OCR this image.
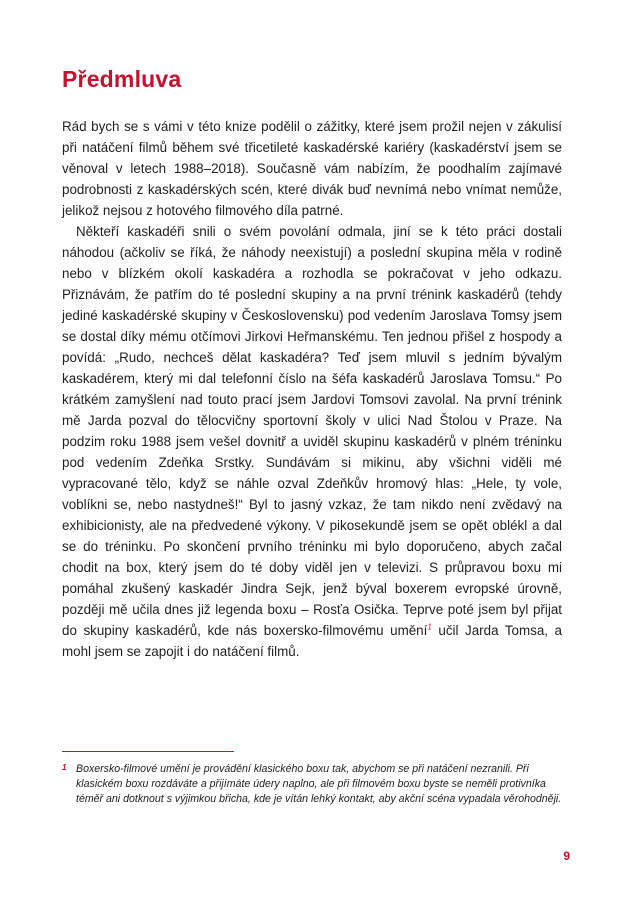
Předmluva

Rád bych se s vámi v této knize podělil o zážitky, které jsem prožil nejen v zákulisí při natáčení filmů během své třicetileté kaskadérské kariéry (kaskadérství jsem se věnoval v letech 1988–2018). Současně vám nabízím, že poodhalím zajímavé podrobnosti z kaskadérských scén, které divák buď nevnímá nebo vnímat nemůže, jelikož nejsou z hotového filmového díla patrné.

Někteří kaskadéři snili o svém povolání odmala, jiní se k této práci dostali náhodou (ačkoliv se říká, že náhody neexistují) a poslední skupina měla v rodině nebo v blízkém okolí kaskadéra a rozhodla se pokračovat v jeho odkazu. Přiznávám, že patřím do té poslední skupiny a na první trénink kaskadérů (tehdy jediné kaskadérské skupiny v Československu) pod vedením Jaroslava Tomsy jsem se dostal díky mému otčímovi Jirkovi Heřmanskému. Ten jednou přišel z hospody a povídá: „Rudo, nechceš dělat kaskadéra? Teď jsem mluvil s jedním bývalým kaskadérem, který mi dal telefonní číslo na šéfa kaskadérů Jaroslava Tomsu.“ Po krátkém zamyšlení nad touto prací jsem Jardovi Tomsovi zavolal. Na první trénink mě Jarda pozval do tělocvičny sportovní školy v ulici Nad Štolou v Praze. Na podzim roku 1988 jsem vešel dovnitř a uviděl skupinu kaskadérů v plném tréninku pod vedením Zdeňka Srstky. Sundávám si mikinu, aby všichni viděli mé vypracované tělo, když se náhle ozval Zdeňkův hromový hlas: „Hele, ty vole, voblíkni se, nebo nastydneš!“ Byl to jasný vzkaz, že tam nikdo není zvědavý na exhibicionisty, ale na předvedené výkony. V pikosekundě jsem se opět oblékl a dal se do tréninku. Po skončení prvního tréninku mi bylo doporučeno, abych začal chodit na box, který jsem do té doby viděl jen v televizi. S průpravou boxu mi pomáhal zkušený kaskadér Jindra Sejk, jenž býval boxerem evropské úrovně, později mě učila dnes již legenda boxu – Rosťa Osička. Teprve poté jsem byl přijat do skupiny kaskadérů, kde nás boxersko-filmovému umění$^1$ učil Jarda Tomsa, a mohl jsem se zapojit i do natáčení filmů.

1 Boxersko-filmové umění je provádění klasického boxu tak, abychom se při natáčení nezranili. Při klasickém boxu rozdáváte a přijímáte údery naplno, ale při filmovém boxu byste se neměli protivníka téměř ani dotknout s výjimkou břicha, kde je vítán lehký kontakt, aby akční scéna vypadala věrohodněji.
9
